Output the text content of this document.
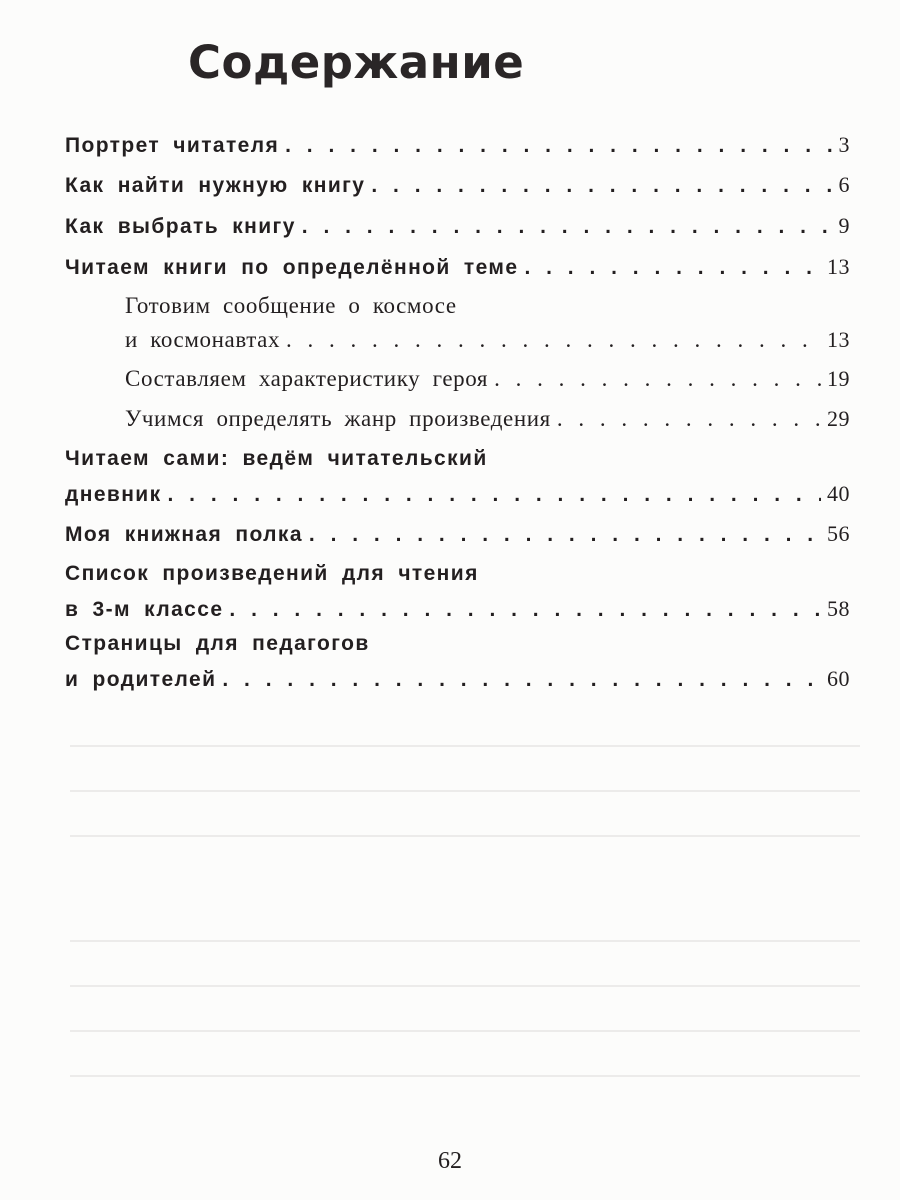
Содержание
Портрет читателя . . .	3
Как найти нужную книгу . . .	6
Как выбрать книгу . . .	9
Читаем книги по определённой теме . . .	13
Готовим сообщение о космосе
и космонавтах . . .	13
Составляем характеристику героя . . .	19
Учимся определять жанр произведения . . .	29
Читаем сами: ведём читательский
дневник . . .	40
Моя книжная полка . . .	56
Список произведений для чтения
в 3-м классе . . .	58
Страницы для педагогов
и родителей . . .	60
62
